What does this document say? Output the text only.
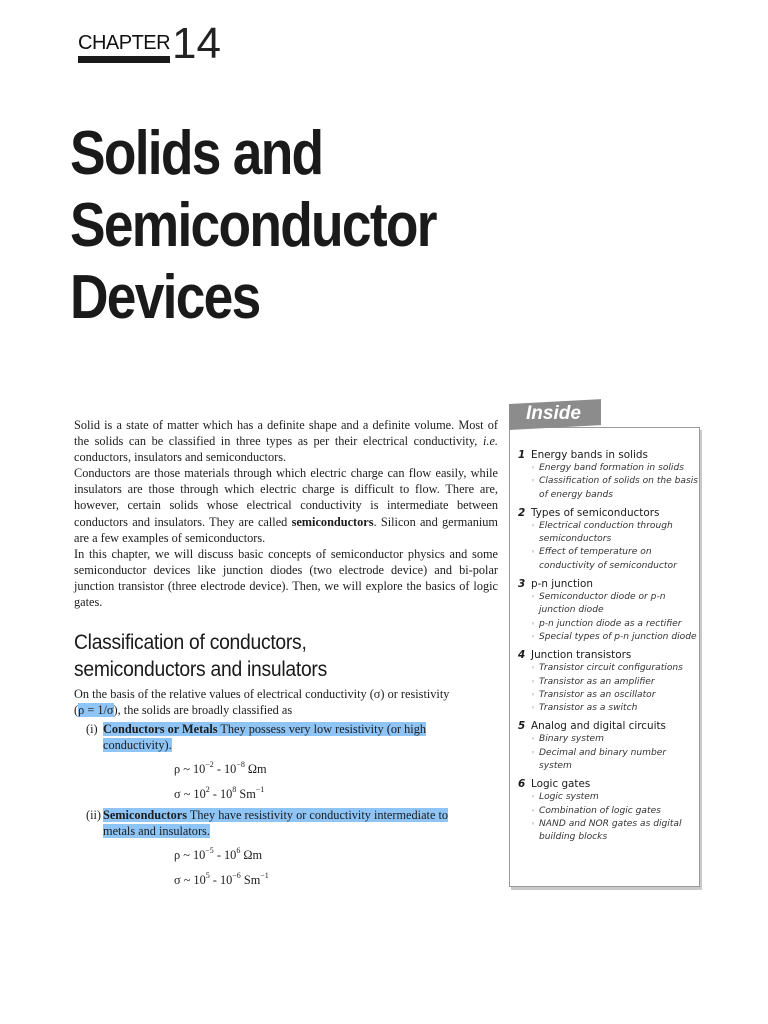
CHAPTER 14
Solids and
Semiconductor
Devices

Solid is a state of matter which has a definite shape and a definite volume. Most of the solids can be classified in three types as per their electrical conductivity, i.e. conductors, insulators and semiconductors.

Conductors are those materials through which electric charge can flow easily, while insulators are those through which electric charge is difficult to flow. There are, however, certain solids whose electrical conductivity is intermediate between conductors and insulators. They are called semiconductors. Silicon and germanium are a few examples of semiconductors.

In this chapter, we will discuss basic concepts of semiconductor physics and some semiconductor devices like junction diodes (two electrode device) and bi-polar junction transistor (three electrode device). Then, we will explore the basics of logic gates.

Classification of conductors,
semiconductors and insulators
On the basis of the relative values of electrical conductivity (σ) or resistivity
(ρ = 1/σ), the solids are broadly classified as
(i) Conductors or Metals They possess very low resistivity (or high
conductivity).
ρ ~ $10^{-2} - 10^{-8}$ Ωm
σ ~ $10^2 - 10^8$ $Sm^{-1}$
(ii) Semiconductors They have resistivity or conductivity intermediate to
metals and insulators.
ρ ~ $10^{-5} - 10^6$ Ωm
σ ~ $10^5 - 10^{-6}$ $Sm^{-1}$
Inside
1 Energy bands in solids
◦ Energy band formation in solids
◦ Classification of solids on the basis of energy bands
2 Types of semiconductors
◦ Electrical conduction through semiconductors
◦ Effect of temperature on conductivity of semiconductor
3 p-n junction
◦ Semiconductor diode or p-n junction diode
◦ p-n junction diode as a rectifier
◦ Special types of p-n junction diode
4 Junction transistors
◦ Transistor circuit configurations
◦ Transistor as an amplifier
◦ Transistor as an oscillator
◦ Transistor as a switch
5 Analog and digital circuits
◦ Binary system
◦ Decimal and binary number system
6 Logic gates
◦ Logic system
◦ Combination of logic gates
◦ NAND and NOR gates as digital building blocks
